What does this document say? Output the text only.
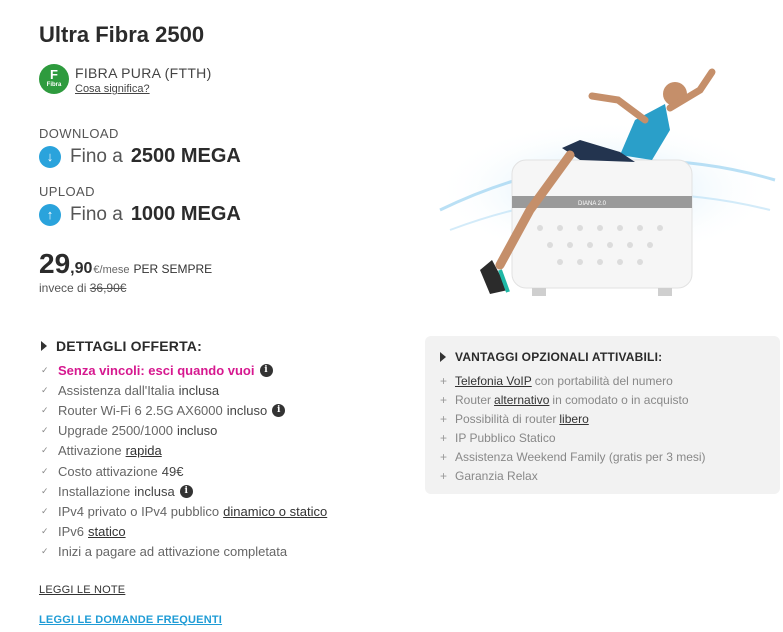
Ultra Fibra 2500
F
Fibra
FIBRA PURA (FTTH)
Cosa significa?
DOWNLOAD
↓ Fino a 2500 MEGA
UPLOAD
↑ Fino a 1000 MEGA
29 ,90 €/mese PER SEMPRE
invece di 36,90€
DIANA 2.0
DETTAGLI OFFERTA:
✓ Senza vincoli: esci quando vuoi	i
✓ Assistenza dall'Italia inclusa
✓ Router Wi-Fi 6 2.5G AX6000 incluso	i
✓ Upgrade 2500/1000 incluso
✓ Attivazione rapida
✓ Costo attivazione 49€
✓ Installazione inclusa	i
✓ IPv4 privato o IPv4 pubblico dinamico o statico
✓ IPv6 statico
✓ Inizi a pagare ad attivazione completata
LEGGI LE NOTE
LEGGI LE DOMANDE FREQUENTI
VANTAGGI OPZIONALI ATTIVABILI:
+ Telefonia VoIP con portabilità del numero
+ Router alternativo in comodato o in acquisto
+ Possibilità di router libero
+ IP Pubblico Statico
+ Assistenza Weekend Family (gratis per 3 mesi)
+ Garanzia Relax
